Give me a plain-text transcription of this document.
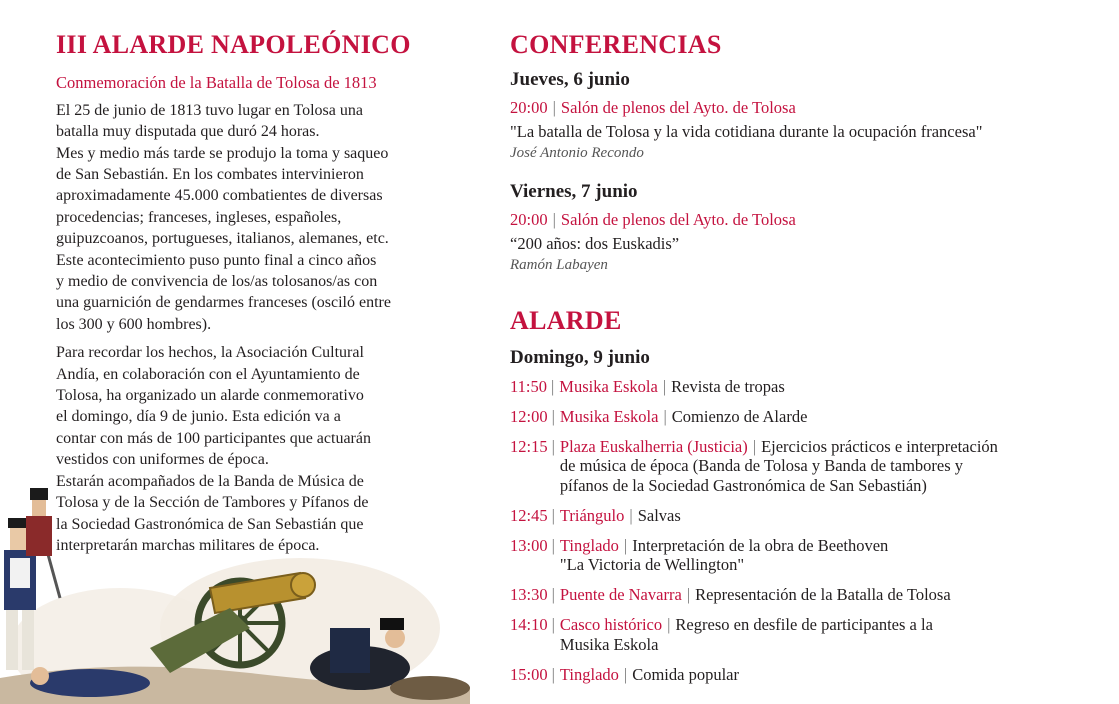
III ALARDE NAPOLEÓNICO
Conmemoración de la Batalla de Tolosa de 1813
El 25 de junio de 1813 tuvo lugar en Tolosa una
batalla muy disputada que duró 24 horas.
Mes y medio más tarde se produjo la toma y saqueo
de San Sebastián. En los combates intervinieron
aproximadamente 45.000 combatientes de diversas
procedencias; franceses, ingleses, españoles,
guipuzcoanos, portugueses, italianos, alemanes, etc.
Este acontecimiento puso punto final a cinco años
y medio de convivencia de los/as tolosanos/as con
una guarnición de gendarmes franceses (osciló entre
los 300 y 600 hombres).
Para recordar los hechos, la Asociación Cultural
Andía, en colaboración con el Ayuntamiento de
Tolosa, ha organizado un alarde conmemorativo
el domingo, día 9 de junio. Esta edición va a
contar con más de 100 participantes que actuarán
vestidos con uniformes de época.
Estarán acompañados de la Banda de Música de
Tolosa y de la Sección de Tambores y Pífanos de
la Sociedad Gastronómica de San Sebastián que
interpretarán marchas militares de época.
CONFERENCIAS
Jueves, 6 junio
20:00 | Salón de plenos del Ayto. de Tolosa
"La batalla de Tolosa y la vida cotidiana durante la ocupación francesa"
José Antonio Recondo
Viernes, 7 junio
20:00 | Salón de plenos del Ayto. de Tolosa
“200 años: dos Euskadis”
Ramón Labayen
ALARDE
Domingo, 9 junio
11:50 | Musika Eskola | Revista de tropas
12:00 | Musika Eskola | Comienzo de Alarde
12:15 | Plaza Euskalherria (Justicia) | Ejercicios prácticos e interpretación
de música de época (Banda de Tolosa y Banda de tambores y
pífanos de la Sociedad Gastronómica de San Sebastián)
12:45 | Triángulo | Salvas
13:00 | Tinglado | Interpretación de la obra de Beethoven
"La Victoria de Wellington"
13:30 | Puente de Navarra | Representación de la Batalla de Tolosa
14:10 | Casco histórico | Regreso en desfile de participantes a la
Musika Eskola
15:00 | Tinglado | Comida popular
